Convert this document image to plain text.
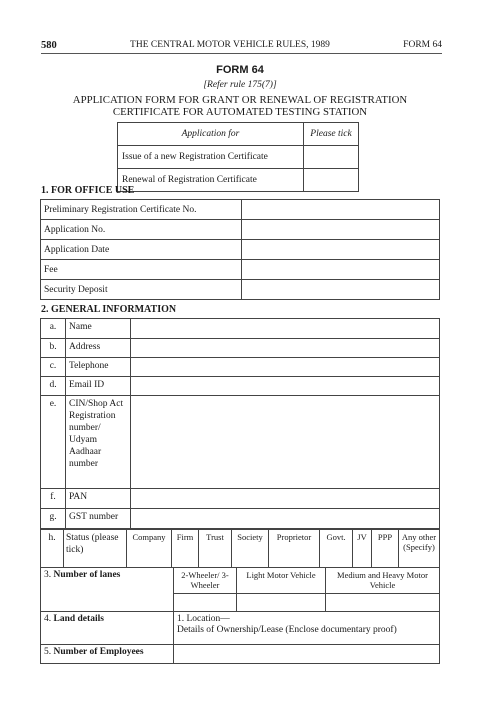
580	THE CENTRAL MOTOR VEHICLE RULES, 1989	FORM 64
FORM 64
[Refer rule 175(7)]
APPLICATION FORM FOR GRANT OR RENEWAL OF REGISTRATION
CERTIFICATE FOR AUTOMATED TESTING STATION
Application for	Please tick
Issue of a new Registration Certificate	
Renewal of Registration Certificate	
1. FOR OFFICE USE
Preliminary Registration Certificate No.	
Application No.	
Application Date	
Fee	
Security Deposit	
2. GENERAL INFORMATION
a.	Name	
b.	Address	
c.	Telephone	
d.	Email ID	
e.	CIN/Shop Act Registration number/ Udyam Aadhaar number	
f.	PAN	
g.	GST number	
h.	Status (please tick)	Company	Firm	Trust	Society	Proprietor	Govt.	JV	PPP	Any other (Specify)
3. Number of lanes	2-Wheeler/ 3-Wheeler	Light Motor Vehicle	Medium and Heavy Motor Vehicle

4. Land details	1. Location—
Details of Ownership/Lease (Enclose documentary proof)		

5. Number of Employees			
